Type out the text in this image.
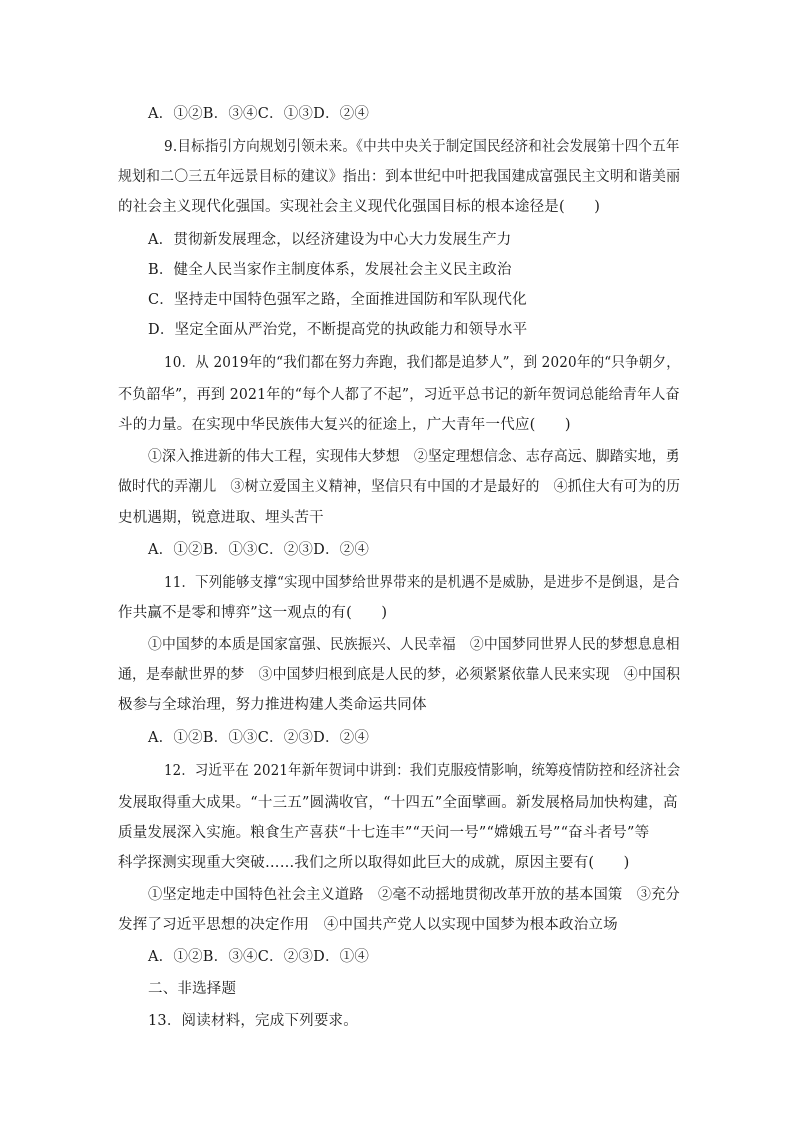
A．①②B．③④C．①③D．②④
9.目标指引方向规划引领未来。《中共中央关于制定国民经济和社会发展第十四个五年
规划和二〇三五年远景目标的建议》指出：到本世纪中叶把我国建成富强民主文明和谐美丽
的社会主义现代化强国。实现社会主义现代化强国目标的根本途径是(　　)
A．贯彻新发展理念，以经济建设为中心大力发展生产力
B．健全人民当家作主制度体系，发展社会主义民主政治
C．坚持走中国特色强军之路，全面推进国防和军队现代化
D．坚定全面从严治党，不断提高党的执政能力和领导水平
10．从 2019年的“我们都在努力奔跑，我们都是追梦人”，到 2020年的“只争朝夕，
不负韶华”，再到 2021年的“每个人都了不起”，习近平总书记的新年贺词总能给青年人奋
斗的力量。在实现中华民族伟大复兴的征途上，广大青年一代应(　　)
①深入推进新的伟大工程，实现伟大梦想　②坚定理想信念、志存高远、脚踏实地，勇
做时代的弄潮儿　③树立爱国主义精神，坚信只有中国的才是最好的　④抓住大有可为的历
史机遇期，锐意进取、埋头苦干
A．①②B．①③C．②③D．②④
11．下列能够支撑“实现中国梦给世界带来的是机遇不是威胁，是进步不是倒退，是合
作共赢不是零和博弈”这一观点的有(　　)
①中国梦的本质是国家富强、民族振兴、人民幸福　②中国梦同世界人民的梦想息息相
通，是奉献世界的梦　③中国梦归根到底是人民的梦，必须紧紧依靠人民来实现　④中国积
极参与全球治理，努力推进构建人类命运共同体
A．①②B．①③C．②③D．②④
12．习近平在 2021年新年贺词中讲到：我们克服疫情影响，统筹疫情防控和经济社会
发展取得重大成果。“十三五”圆满收官，“十四五”全面擘画。新发展格局加快构建，高
质量发展深入实施。粮食生产喜获“十七连丰”“天问一号”“嫦娥五号”“奋斗者号”等
科学探测实现重大突破……我们之所以取得如此巨大的成就，原因主要有(　　)
①坚定地走中国特色社会主义道路　②毫不动摇地贯彻改革开放的基本国策　③充分
发挥了习近平思想的决定作用　④中国共产党人以实现中国梦为根本政治立场
A．①②B．③④C．②③D．①④
二、非选择题
13．阅读材料，完成下列要求。
